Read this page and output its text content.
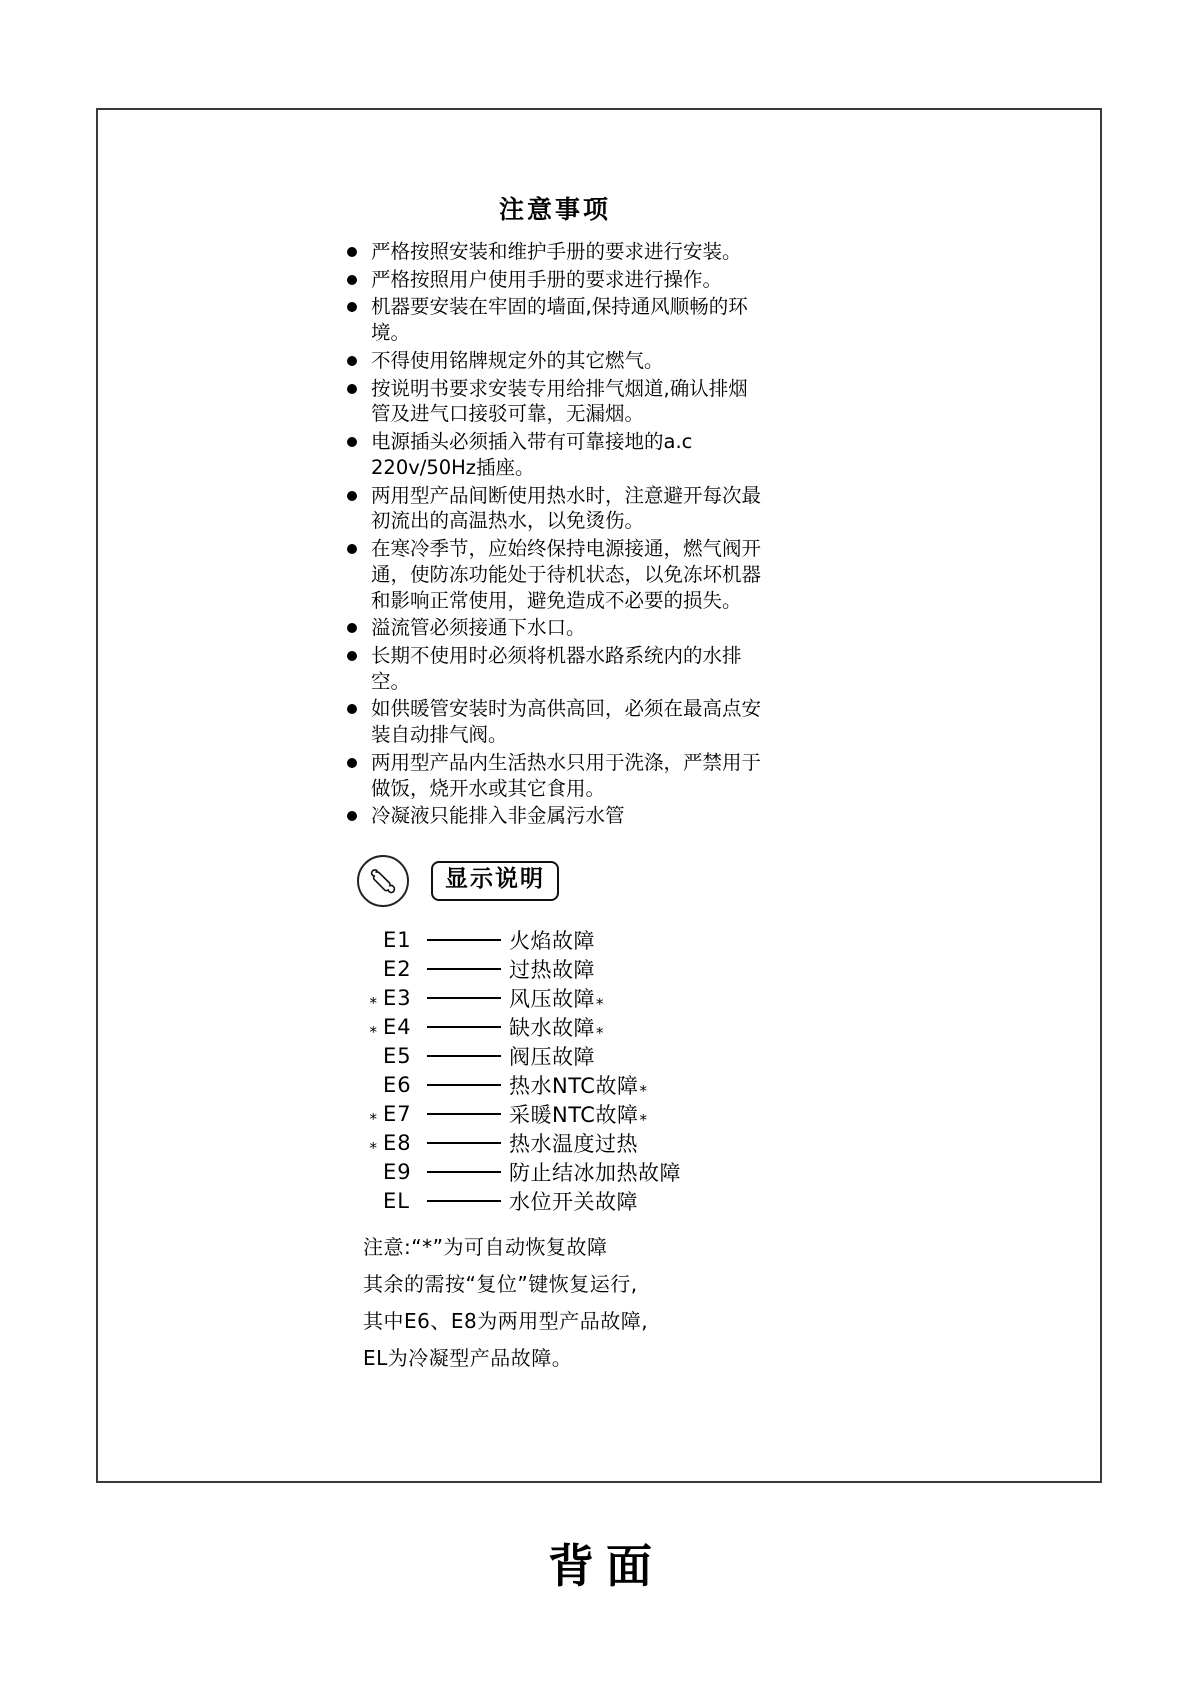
注意事项
严格按照安装和维护手册的要求进行安装。
严格按照用户使用手册的要求进行操作。
机器要安装在牢固的墙面,保持通风顺畅的环境。
不得使用铭牌规定外的其它燃气。
按说明书要求安装专用给排气烟道,确认排烟管及进气口接驳可靠，无漏烟。
电源插头必须插入带有可靠接地的a.c 220v/50Hz插座。
两用型产品间断使用热水时，注意避开每次最初流出的高温热水，以免烫伤。
在寒冷季节，应始终保持电源接通，燃气阀开通，使防冻功能处于待机状态，以免冻坏机器和影响正常使用，避免造成不必要的损失。
溢流管必须接通下水口。
长期不使用时必须将机器水路系统内的水排空。
如供暖管安装时为高供高回，必须在最高点安装自动排气阀。
两用型产品内生活热水只用于洗涤，严禁用于做饭，烧开水或其它食用。
冷凝液只能排入非金属污水管
显示说明
E1	火焰故障
E2	过热故障
* E3	风压故障 *
* E4	缺水故障 *
E5	阀压故障
E6	热水NTC故障 *
* E7	采暖NTC故障 *
* E8	热水温度过热
E9	防止结冰加热故障
EL	水位开关故障
注意:“*”为可自动恢复故障
其余的需按“复位”键恢复运行,
其中E6、E8为两用型产品故障,
EL为冷凝型产品故障。
背面
